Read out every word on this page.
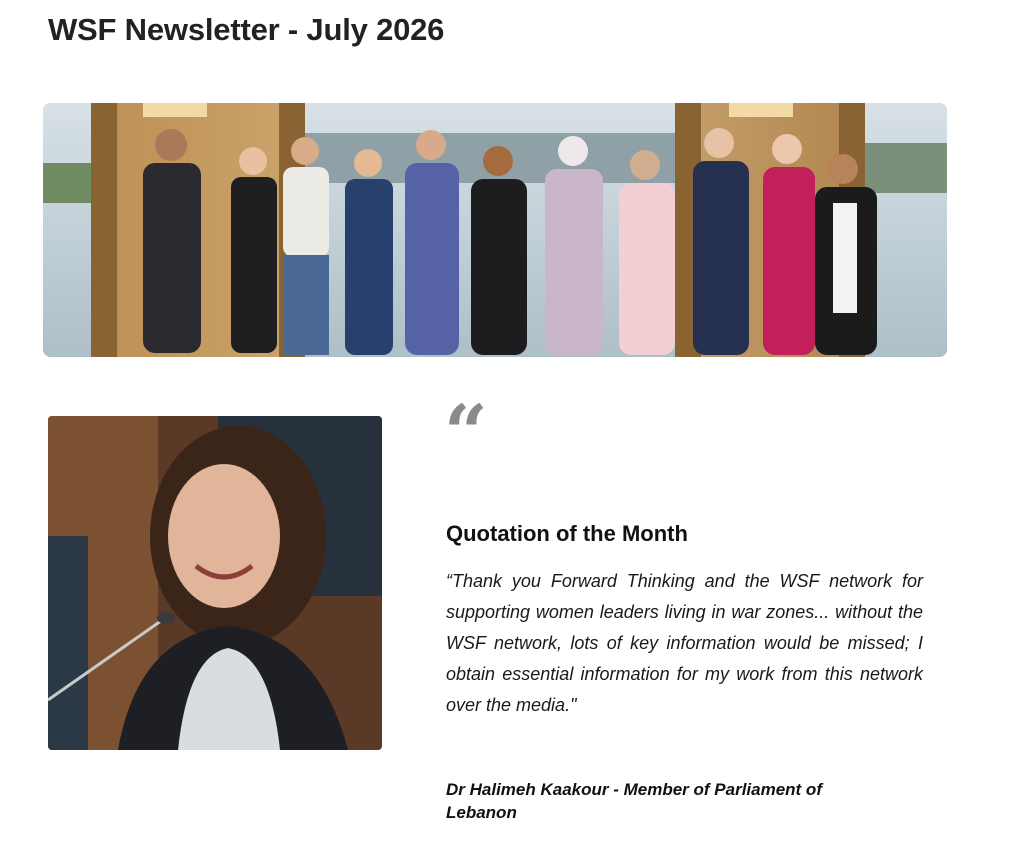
WSF Newsletter - July 2026
“
Quotation of the Month

“Thank you Forward Thinking and the WSF network for supporting women leaders living in war zones... without the WSF network, lots of key information would be missed; I obtain essential information for my work from this network over the media."

Dr Halimeh Kaakour - Member of Parliament of Lebanon
